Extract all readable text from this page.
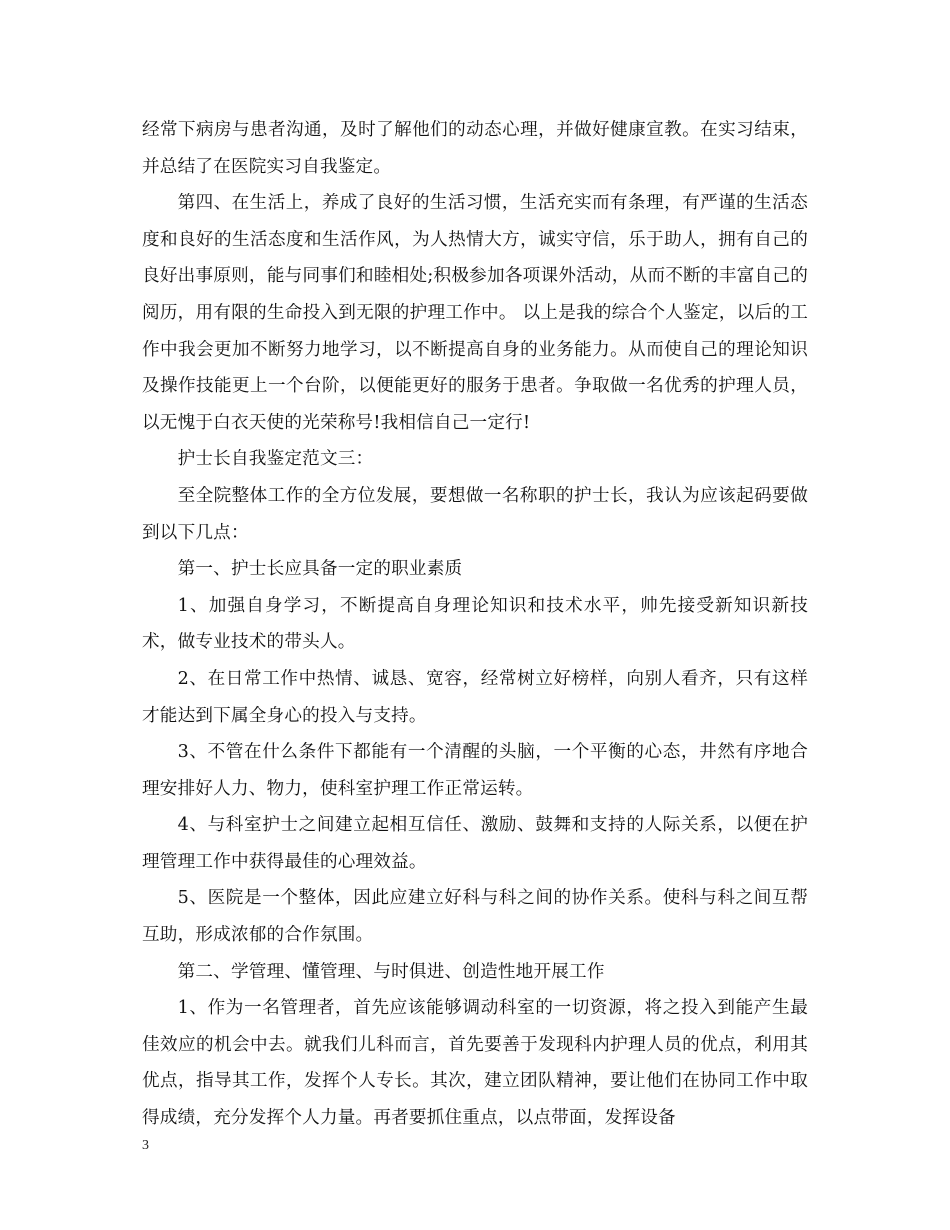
经常下病房与患者沟通，及时了解他们的动态心理，并做好健康宣教。在实习结束，并总结了在医院实习自我鉴定。

第四、在生活上，养成了良好的生活习惯，生活充实而有条理，有严谨的生活态度和良好的生活态度和生活作风，为人热情大方，诚实守信，乐于助人，拥有自己的良好出事原则，能与同事们和睦相处;积极参加各项课外活动，从而不断的丰富自己的阅历，用有限的生命投入到无限的护理工作中。 以上是我的综合个人鉴定，以后的工作中我会更加不断努力地学习，以不断提高自身的业务能力。从而使自己的理论知识及操作技能更上一个台阶，以便能更好的服务于患者。争取做一名优秀的护理人员，以无愧于白衣天使的光荣称号!我相信自己一定行!

护士长自我鉴定范文三：

至全院整体工作的全方位发展，要想做一名称职的护士长，我认为应该起码要做到以下几点：

第一、护士长应具备一定的职业素质

1、加强自身学习，不断提高自身理论知识和技术水平，帅先接受新知识新技术，做专业技术的带头人。

2、在日常工作中热情、诚恳、宽容，经常树立好榜样，向别人看齐，只有这样才能达到下属全身心的投入与支持。

3、不管在什么条件下都能有一个清醒的头脑，一个平衡的心态，井然有序地合理安排好人力、物力，使科室护理工作正常运转。

4、与科室护士之间建立起相互信任、激励、鼓舞和支持的人际关系，以便在护理管理工作中获得最佳的心理效益。

5、医院是一个整体，因此应建立好科与科之间的协作关系。使科与科之间互帮互助，形成浓郁的合作氛围。

第二、学管理、懂管理、与时俱进、创造性地开展工作

1、作为一名管理者，首先应该能够调动科室的一切资源，将之投入到能产生最佳效应的机会中去。就我们儿科而言，首先要善于发现科内护理人员的优点，利用其优点，指导其工作，发挥个人专长。其次，建立团队精神，要让他们在协同工作中取得成绩，充分发挥个人力量。再者要抓住重点，以点带面，发挥设备

3
